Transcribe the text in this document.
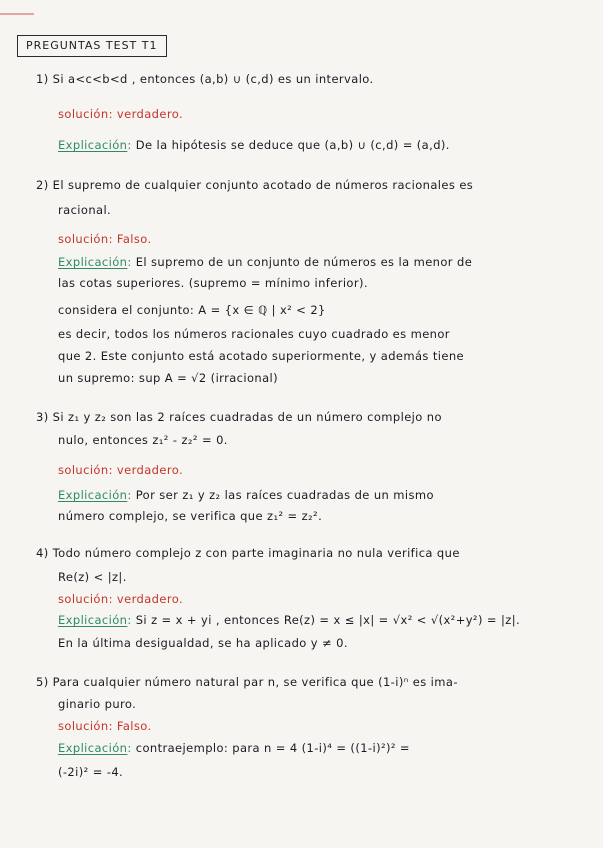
PREGUNTAS TEST T1
1) Si a<c<b<d , entonces (a,b) ∪ (c,d) es un intervalo.
solución: verdadero.
Explicación: De la hipótesis se deduce que (a,b) ∪ (c,d) = (a,d).
2) El supremo de cualquier conjunto acotado de números racionales es
racional.
solución: Falso.
Explicación: El supremo de un conjunto de números es la menor de
las cotas superiores. (supremo = mínimo inferior).
considera el conjunto: A = {x ∈ ℚ | x² < 2}
es decir, todos los números racionales cuyo cuadrado es menor
que 2. Este conjunto está acotado superiormente, y además tiene
un supremo: sup A = √2 (irracional)
3) Si z₁ y z₂ son las 2 raíces cuadradas de un número complejo no
nulo, entonces z₁² - z₂² = 0.
solución: verdadero.
Explicación: Por ser z₁ y z₂ las raíces cuadradas de un mismo
número complejo, se verifica que z₁² = z₂².
4) Todo número complejo z con parte imaginaria no nula verifica que
Re(z) < |z|.
solución: verdadero.
Explicación: Si z = x + yi , entonces Re(z) = x ≤ |x| = √x² < √(x²+y²) = |z|.
En la última desigualdad, se ha aplicado y ≠ 0.
5) Para cualquier número natural par n, se verifica que (1-i)ⁿ es ima-
ginario puro.
solución: Falso.
Explicación: contraejemplo: para n = 4 (1-i)⁴ = ((1-i)²)² =
(-2i)² = -4.
